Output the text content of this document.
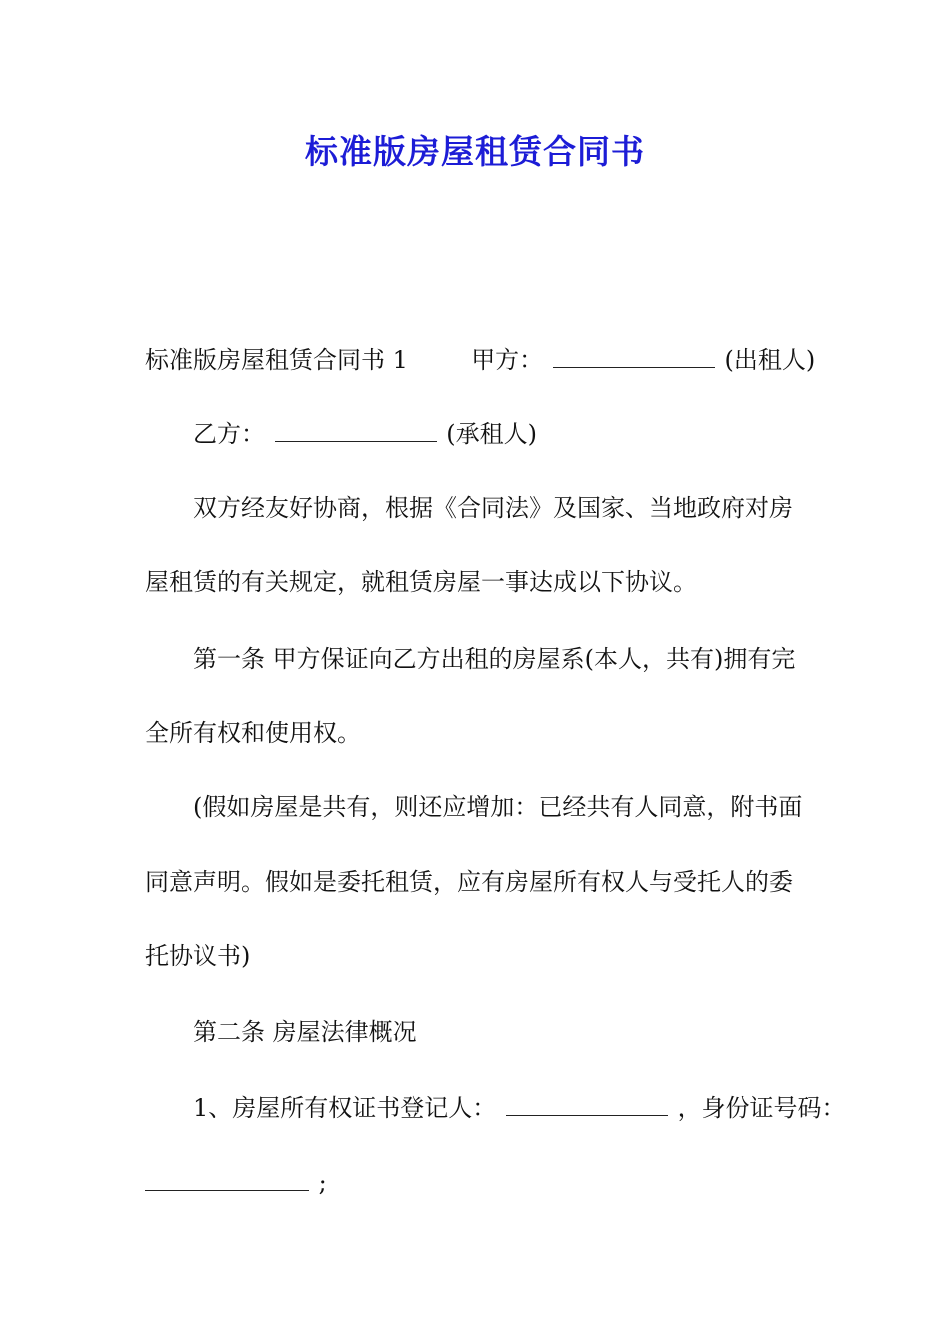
标准版房屋租赁合同书
标准版房屋租赁合同书 1	甲方：	(出租人)
乙方：	(承租人)
双方经友好协商，根据《合同法》及国家、当地政府对房
屋租赁的有关规定，就租赁房屋一事达成以下协议。
第一条 甲方保证向乙方出租的房屋系(本人，共有)拥有完
全所有权和使用权。
(假如房屋是共有，则还应增加：已经共有人同意，附书面
同意声明。假如是委托租赁，应有房屋所有权人与受托人的委
托协议书)
第二条 房屋法律概况
1、房屋所有权证书登记人：	，身份证号码：
;
